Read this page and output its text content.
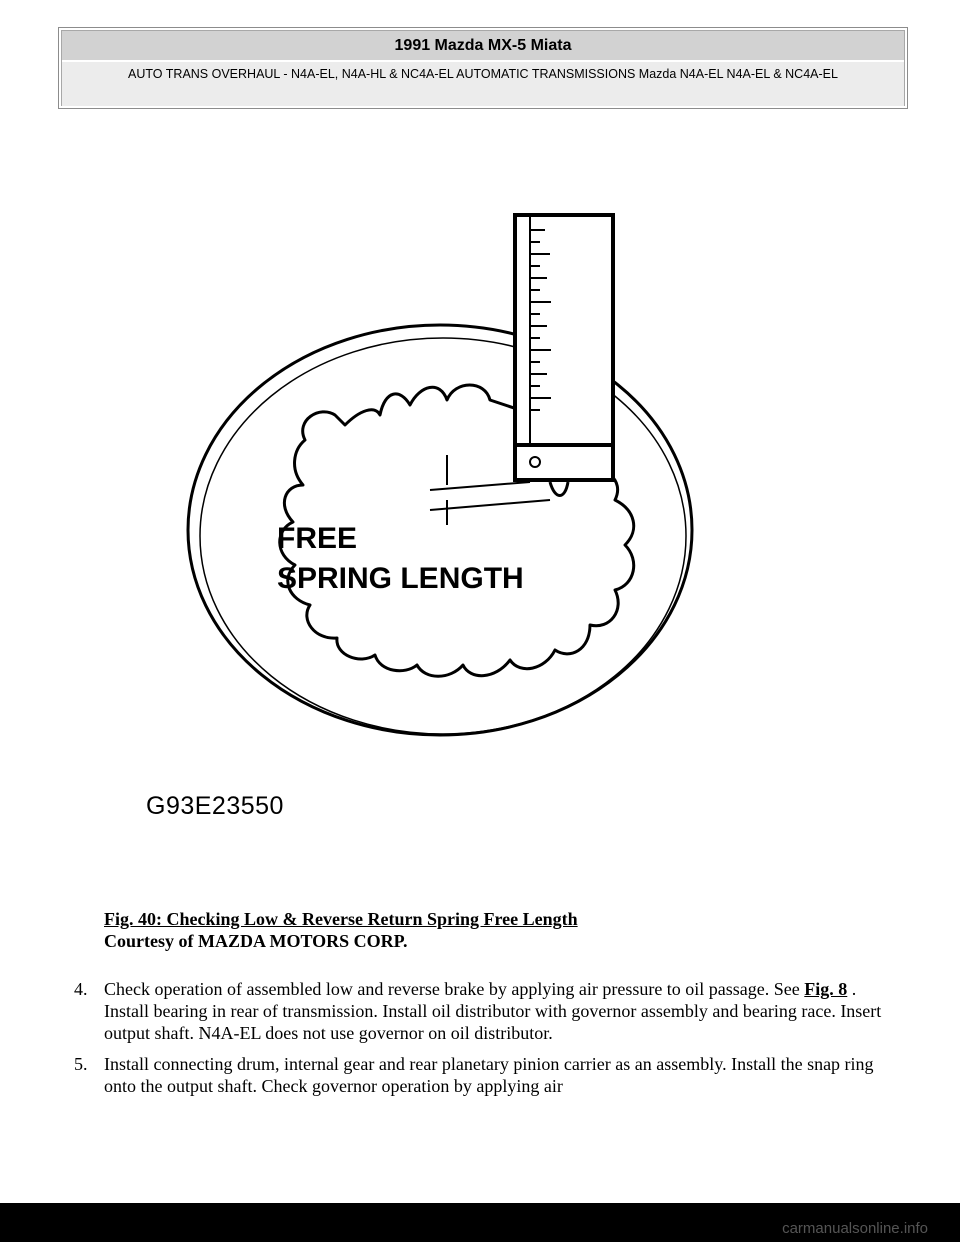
1991 Mazda MX-5 Miata
AUTO TRANS OVERHAUL - N4A-EL, N4A-HL & NC4A-EL AUTOMATIC TRANSMISSIONS Mazda N4A-EL N4A-EL & NC4A-EL
FREE
SPRING LENGTH
G93E23550
Fig. 40: Checking Low & Reverse Return Spring Free Length
Courtesy of MAZDA MOTORS CORP.
4. Check operation of assembled low and reverse brake by applying air pressure to oil passage. See Fig. 8 . Install bearing in rear of transmission. Install oil distributor with governor assembly and bearing race. Insert output shaft. N4A-EL does not use governor on oil distributor.
5. Install connecting drum, internal gear and rear planetary pinion carrier as an assembly. Install the snap ring onto the output shaft. Check governor operation by applying air
carmanualsonline.info
